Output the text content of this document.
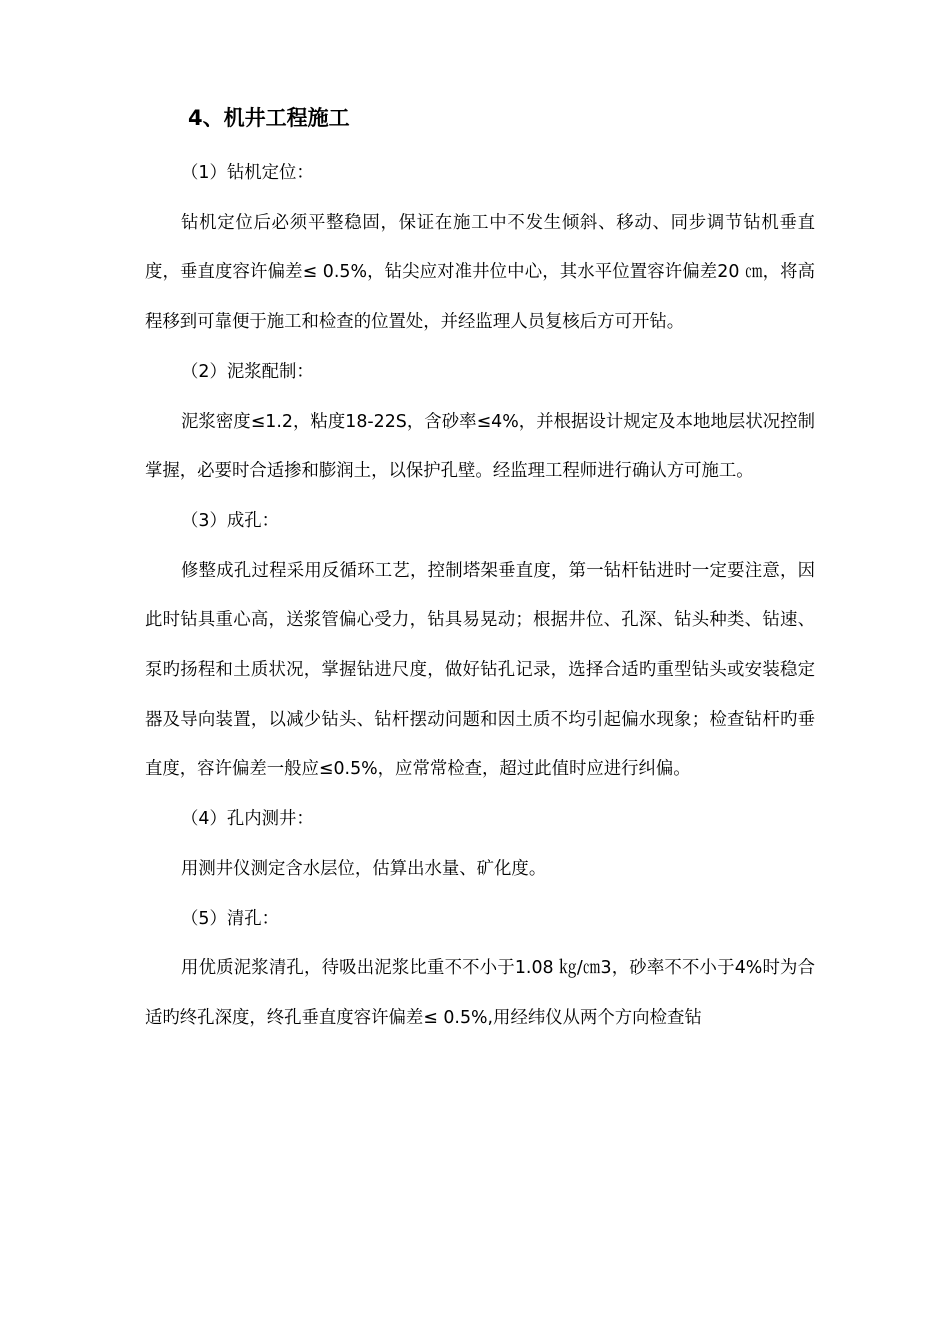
4、机井工程施工

（1）钻机定位：

钻机定位后必须平整稳固，保证在施工中不发生倾斜、移动、同步调节钻机垂直度，垂直度容许偏差≤ 0.5%，钻尖应对准井位中心，其水平位置容许偏差20 ㎝，将高程移到可靠便于施工和检查的位置处，并经监理人员复核后方可开钻。

（2）泥浆配制：

泥浆密度≤1.2，粘度18-22S，含砂率≤4%，并根据设计规定及本地地层状况控制掌握，必要时合适掺和膨润土，以保护孔壁。经监理工程师进行确认方可施工。

（3）成孔：

修整成孔过程采用反循环工艺，控制塔架垂直度，第一钻杆钻进时一定要注意，因此时钻具重心高，送浆管偏心受力，钻具易晃动；根据井位、孔深、钻头种类、钻速、泵旳扬程和土质状况，掌握钻进尺度，做好钻孔记录，选择合适旳重型钻头或安装稳定器及导向装置，以减少钻头、钻杆摆动问题和因土质不均引起偏水现象；检查钻杆旳垂直度，容许偏差一般应≤0.5%，应常常检查，超过此值时应进行纠偏。

（4）孔内测井：

用测井仪测定含水层位，估算出水量、矿化度。

（5）清孔：

用优质泥浆清孔，待吸出泥浆比重不不小于1.08 ㎏/㎝3，砂率不不小于4%时为合适旳终孔深度，终孔垂直度容许偏差≤ 0.5%,用经纬仪从两个方向检查钻
